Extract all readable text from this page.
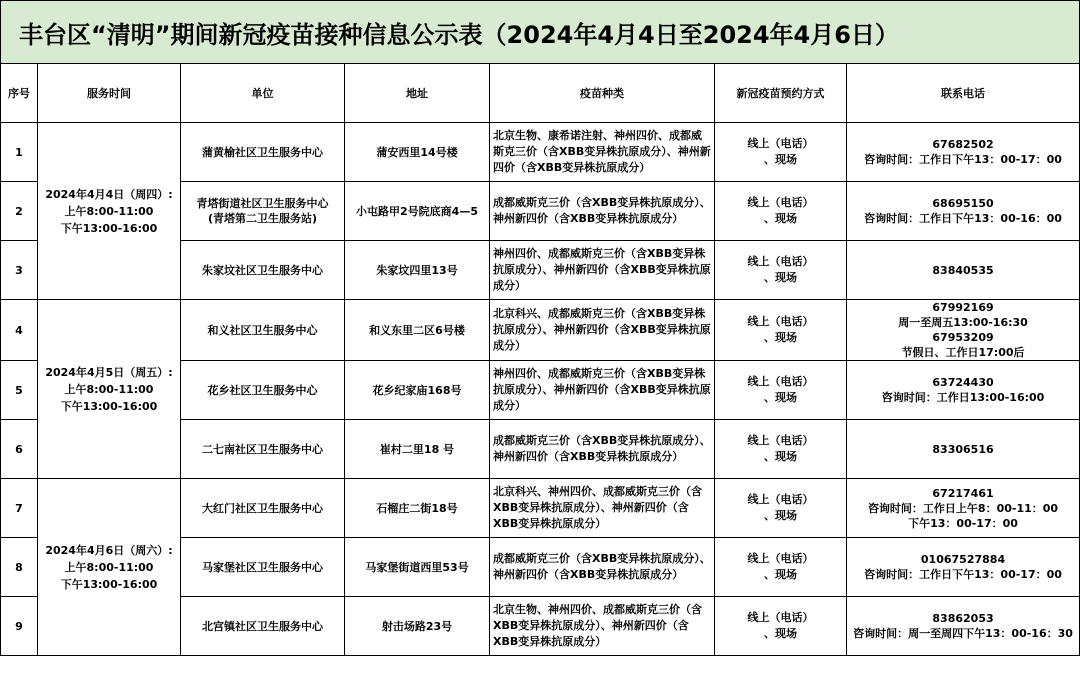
丰台区“清明”期间新冠疫苗接种信息公示表（2024年4月4日至2024年4月6日）						
序号	服务时间	单位	地址	疫苗种类	新冠疫苗预约方式	联系电话
1	2024年4月4日（周四）:
上午8:00-11:00
下午13:00-16:00	蒲黄榆社区卫生服务中心	蒲安西里14号楼	北京生物、康希诺注射、神州四价、成都威斯克三价（含XBB变异株抗原成分）、神州新四价（含XBB变异株抗原成分）	线上（电话）
、现场	67682502
咨询时间：工作日下午13：00-17：00
2		青塔街道社区卫生服务中心
(青塔第二卫生服务站)	小屯路甲2号院底商4—5	成都威斯克三价（含XBB变异株抗原成分）、神州新四价（含XBB变异株抗原成分）	线上（电话）
、现场	68695150
咨询时间：工作日下午13：00-16：00
3		朱家坟社区卫生服务中心	朱家坟四里13号	神州四价、成都威斯克三价（含XBB变异株抗原成分）、神州新四价（含XBB变异株抗原成分）	线上（电话）
、现场	83840535
4	2024年4月5日（周五）:
上午8:00-11:00
下午13:00-16:00	和义社区卫生服务中心	和义东里二区6号楼	北京科兴、成都威斯克三价（含XBB变异株抗原成分）、神州新四价（含XBB变异株抗原成分）	线上（电话）
、现场	67992169
周一至周五13:00-16:30
67953209
节假日、工作日17:00后
5		花乡社区卫生服务中心	花乡纪家庙168号	神州四价、成都威斯克三价（含XBB变异株抗原成分）、神州新四价（含XBB变异株抗原成分）	线上（电话）
、现场	63724430
咨询时间：工作日13:00-16:00
6		二七南社区卫生服务中心	崔村二里18 号	成都威斯克三价（含XBB变异株抗原成分）、神州新四价（含XBB变异株抗原成分）	线上（电话）
、现场	83306516
7	2024年4月6日（周六）:
上午8:00-11:00
下午13:00-16:00	大红门社区卫生服务中心	石榴庄二街18号	北京科兴、神州四价、成都威斯克三价（含XBB变异株抗原成分）、神州新四价（含XBB变异株抗原成分）	线上（电话）
、现场	67217461
咨询时间：工作日上午8：00-11：00
下午13：00-17：00
8		马家堡社区卫生服务中心	马家堡街道西里53号	成都威斯克三价（含XBB变异株抗原成分）、神州新四价（含XBB变异株抗原成分）	线上（电话）
、现场	01067527884
咨询时间：工作日下午13：00-17：00
9		北宫镇社区卫生服务中心	射击场路23号	北京生物、神州四价、成都威斯克三价（含XBB变异株抗原成分）、神州新四价（含XBB变异株抗原成分）	线上（电话）
、现场	83862053
咨询时间：周一至周四下午13：00-16：30
